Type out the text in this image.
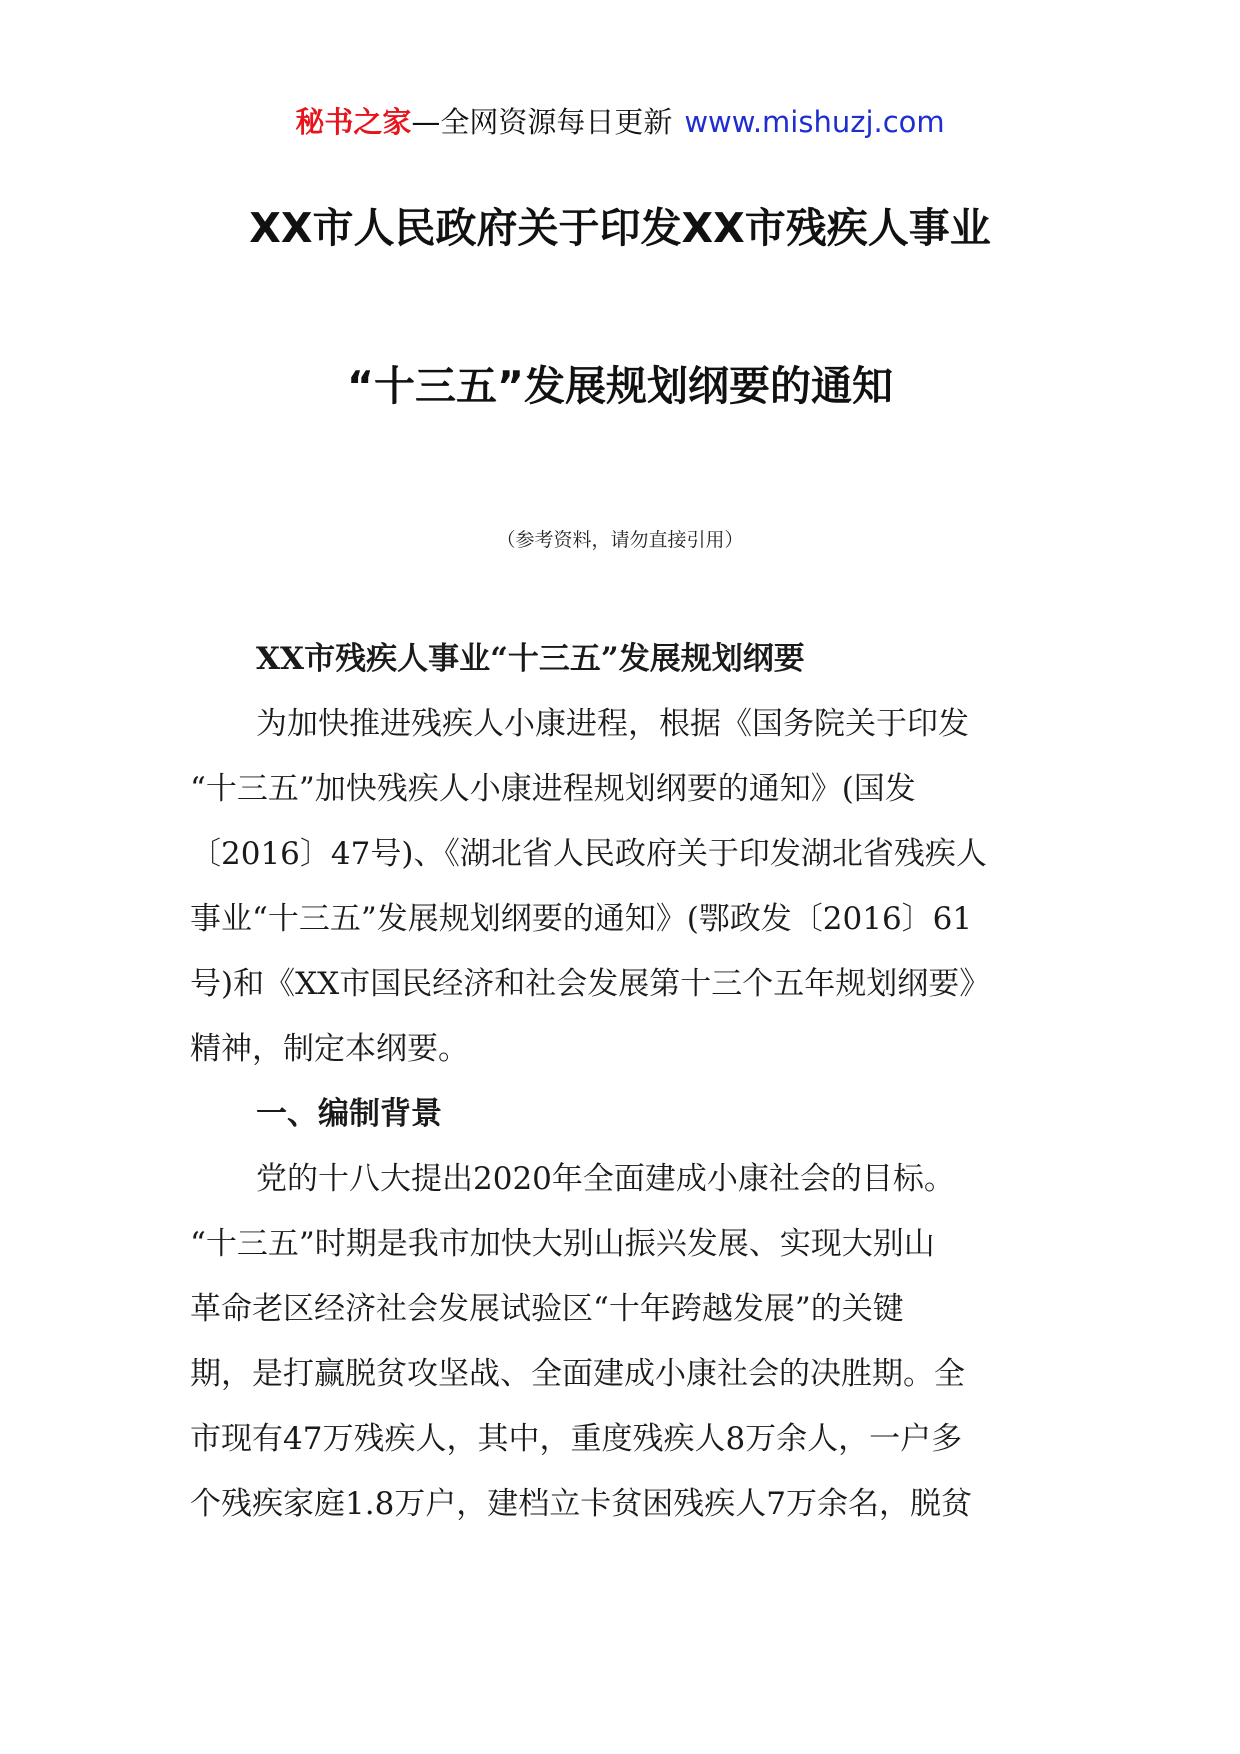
秘书之家—全网资源每日更新 www.mishuzj.com
XX市人民政府关于印发XX市残疾人事业
“十三五”发展规划纲要的通知
（参考资料，请勿直接引用）
XX市残疾人事业“十三五”发展规划纲要
为加快推进残疾人小康进程，根据《国务院关于印发
“十三五”加快残疾人小康进程规划纲要的通知》(国发
〔2016〕47号)、《湖北省人民政府关于印发湖北省残疾人
事业“十三五”发展规划纲要的通知》(鄂政发〔2016〕61
号)和《XX市国民经济和社会发展第十三个五年规划纲要》
精神，制定本纲要。
一、编制背景
党的十八大提出2020年全面建成小康社会的目标。
“十三五”时期是我市加快大别山振兴发展、实现大别山
革命老区经济社会发展试验区“十年跨越发展”的关键
期，是打赢脱贫攻坚战、全面建成小康社会的决胜期。全
市现有47万残疾人，其中，重度残疾人8万余人，一户多
个残疾家庭1.8万户，建档立卡贫困残疾人7万余名，脱贫
